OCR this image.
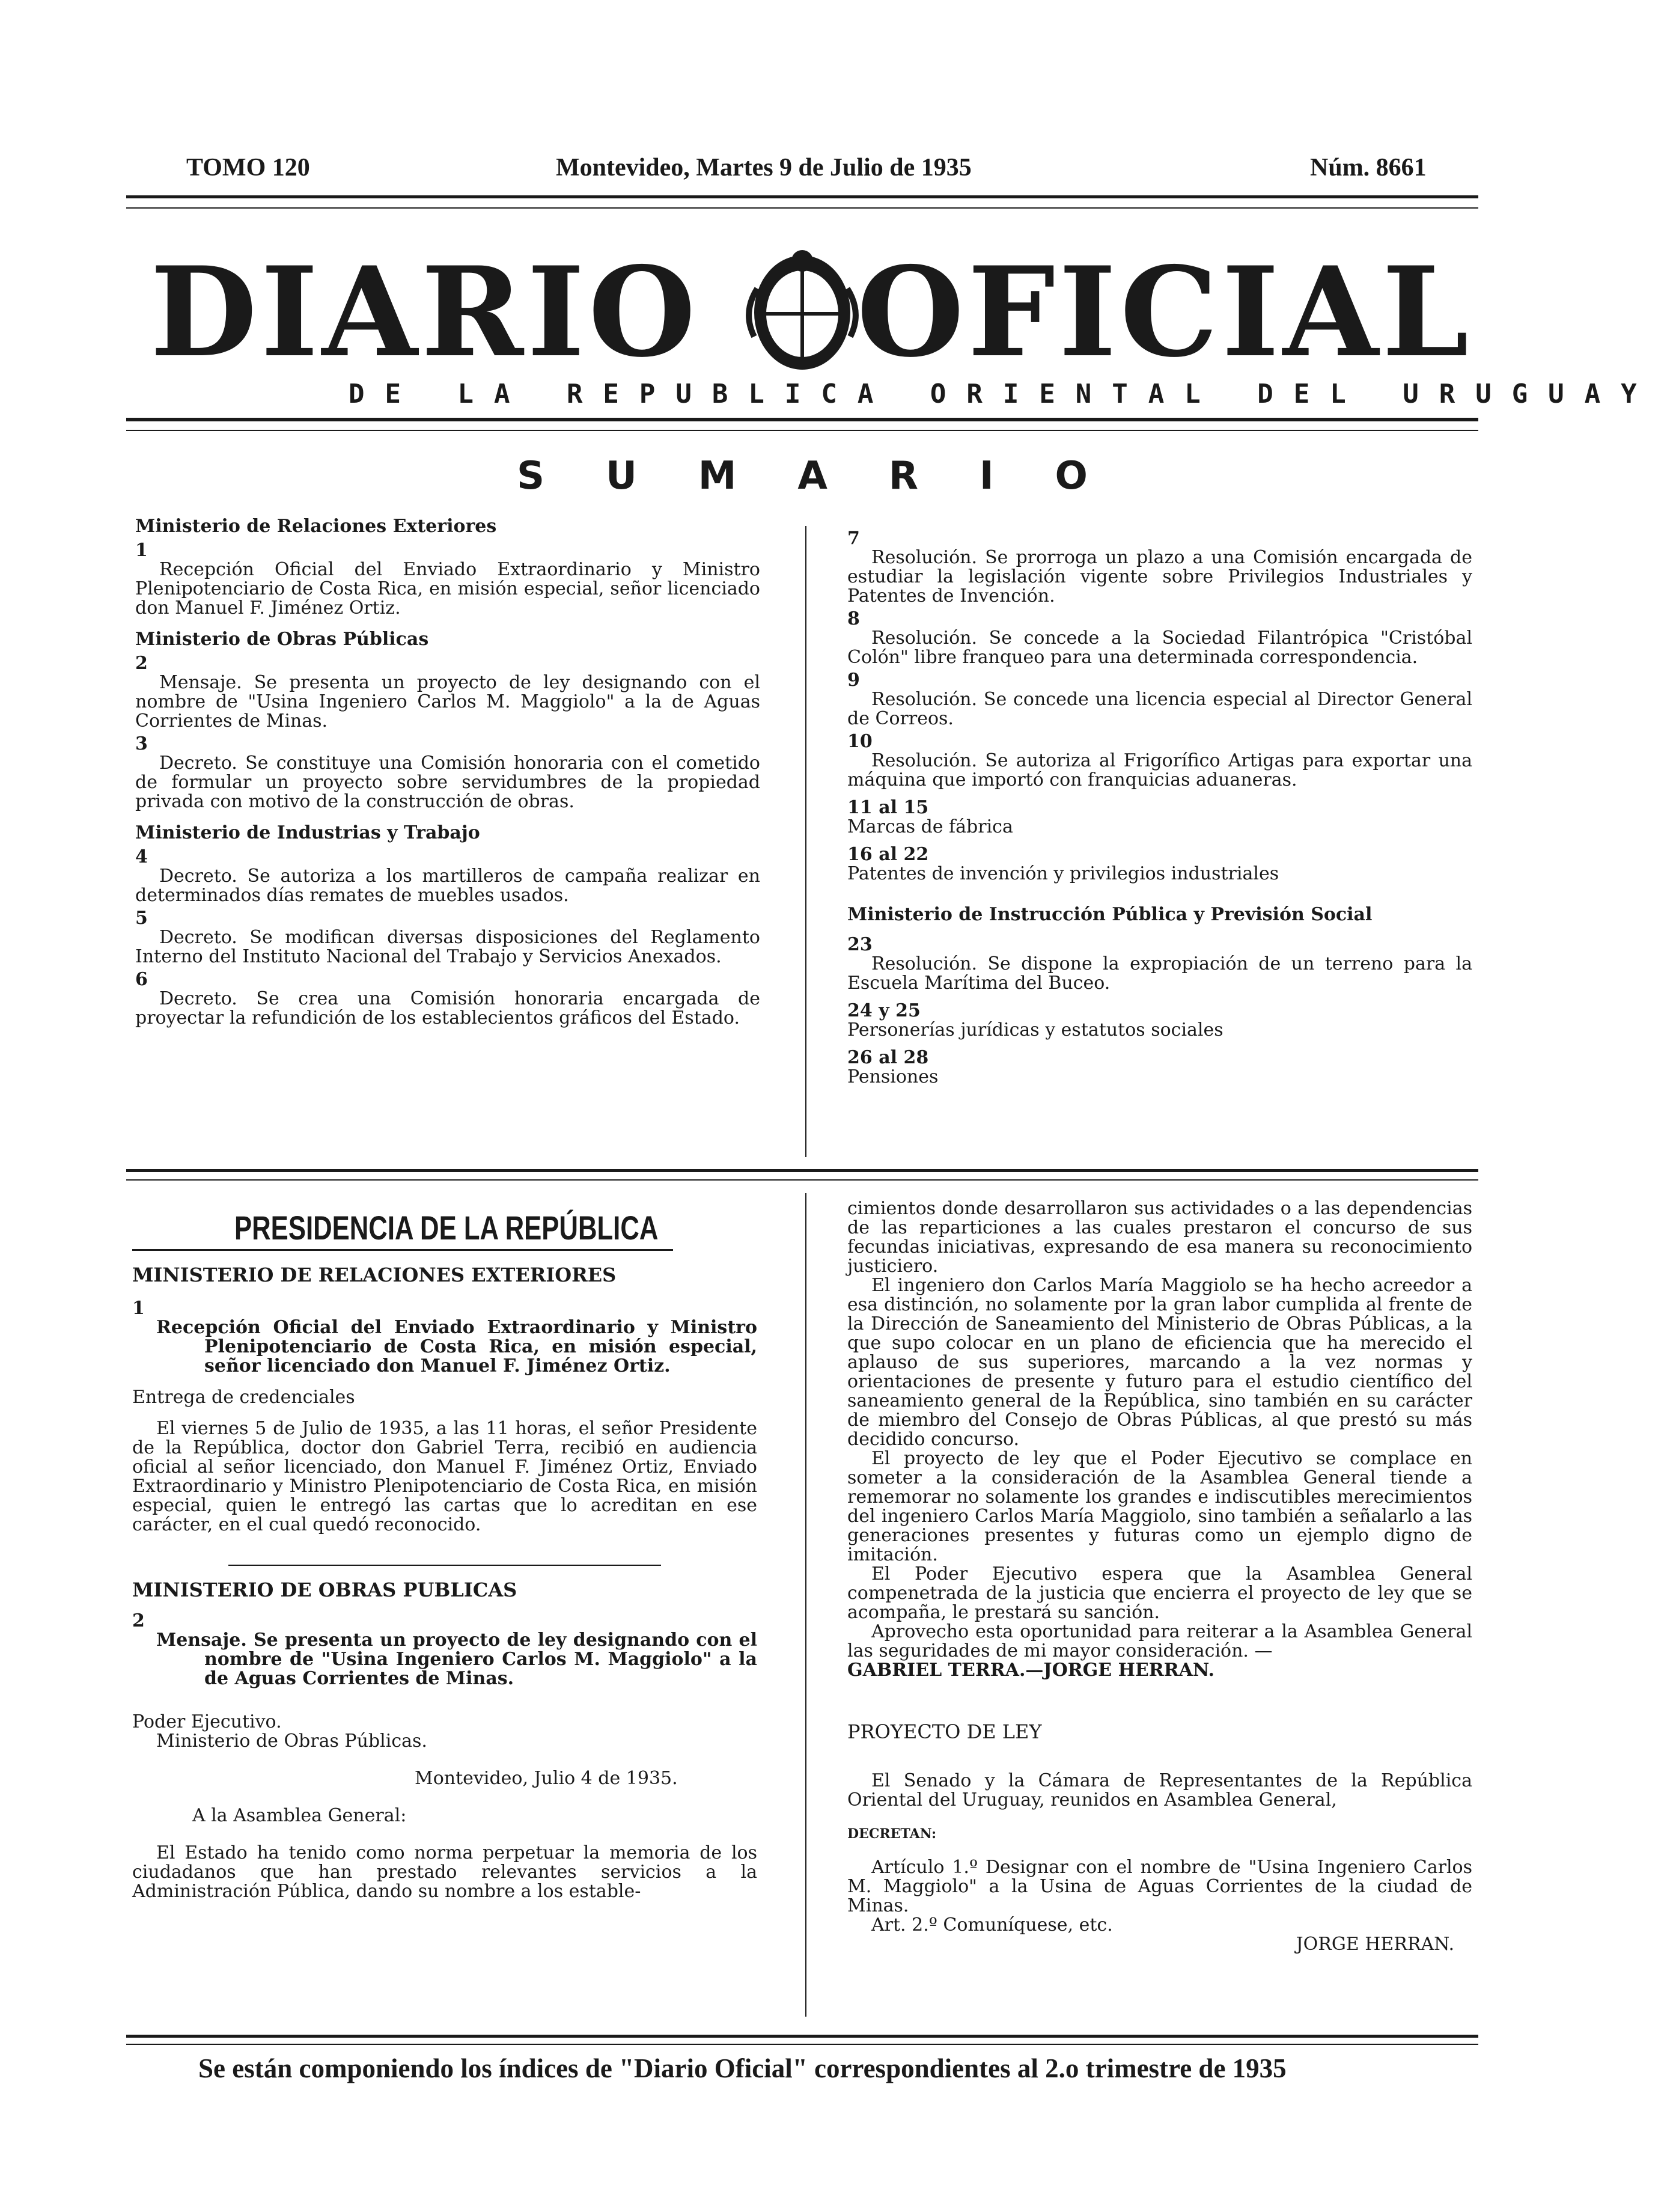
TOMO 120	Montevideo, Martes 9 de Julio de 1935	Núm. 8661
DIARIO OFICIAL
DE LA REPUBLICA ORIENTAL DEL URUGUAY
S U M A R I O

Ministerio de Relaciones Exteriores

1

Recepción Oficial del Enviado Extraordinario y Ministro Plenipotenciario de Costa Rica, en misión especial, señor licenciado don Manuel F. Jiménez Ortiz.

Ministerio de Obras Públicas

2

Mensaje. Se presenta un proyecto de ley designando con el nombre de "Usina Ingeniero Carlos M. Maggiolo" a la de Aguas Corrientes de Minas.

3

Decreto. Se constituye una Comisión honoraria con el cometido de formular un proyecto sobre servidumbres de la propiedad privada con motivo de la construcción de obras.

Ministerio de Industrias y Trabajo

4

Decreto. Se autoriza a los martilleros de campaña realizar en determinados días remates de muebles usados.

5

Decreto. Se modifican diversas disposiciones del Reglamento Interno del Instituto Nacional del Trabajo y Servicios Anexados.

6

Decreto. Se crea una Comisión honoraria encargada de proyectar la refundición de los establecientos gráficos del Estado.

7

Resolución. Se prorroga un plazo a una Comisión encargada de estudiar la legislación vigente sobre Privilegios Industriales y Patentes de Invención.

8

Resolución. Se concede a la Sociedad Filantrópica "Cristóbal Colón" libre franqueo para una determinada correspondencia.

9

Resolución. Se concede una licencia especial al Director General de Correos.

10

Resolución. Se autoriza al Frigorífico Artigas para exportar una máquina que importó con franquicias aduaneras.

11 al 15

Marcas de fábrica

16 al 22

Patentes de invención y privilegios industriales

Ministerio de Instrucción Pública y Previsión Social

23

Resolución. Se dispone la expropiación de un terreno para la Escuela Marítima del Buceo.

24 y 25

Personerías jurídicas y estatutos sociales

26 al 28

Pensiones

PRESIDENCIA DE LA REPÚBLICA

MINISTERIO DE RELACIONES EXTERIORES

1

Recepción Oficial del Enviado Extraordinario y Ministro Plenipotenciario de Costa Rica, en misión especial, señor licenciado don Manuel F. Jiménez Ortiz.

Entrega de credenciales

El viernes 5 de Julio de 1935, a las 11 horas, el señor Presidente de la República, doctor don Gabriel Terra, recibió en audiencia oficial al señor licenciado, don Manuel F. Jiménez Ortiz, Enviado Extraordinario y Ministro Plenipotenciario de Costa Rica, en misión especial, quien le entregó las cartas que lo acreditan en ese carácter, en el cual quedó reconocido.

MINISTERIO DE OBRAS PUBLICAS

2

Mensaje. Se presenta un proyecto de ley designando con el nombre de "Usina Ingeniero Carlos M. Maggiolo" a la de Aguas Corrientes de Minas.

Poder Ejecutivo.

Ministerio de Obras Públicas.

Montevideo, Julio 4 de 1935.

A la Asamblea General:

El Estado ha tenido como norma perpetuar la memoria de los ciudadanos que han prestado relevantes servicios a la Administración Pública, dando su nombre a los estable-

cimientos donde desarrollaron sus actividades o a las dependencias de las reparticiones a las cuales prestaron el concurso de sus fecundas iniciativas, expresando de esa manera su reconocimiento justiciero.

El ingeniero don Carlos María Maggiolo se ha hecho acreedor a esa distinción, no solamente por la gran labor cumplida al frente de la Dirección de Saneamiento del Ministerio de Obras Públicas, a la que supo colocar en un plano de eficiencia que ha merecido el aplauso de sus superiores, marcando a la vez normas y orientaciones de presente y futuro para el estudio científico del saneamiento general de la República, sino también en su carácter de miembro del Consejo de Obras Públicas, al que prestó su más decidido concurso.

El proyecto de ley que el Poder Ejecutivo se complace en someter a la consideración de la Asamblea General tiende a rememorar no solamente los grandes e indiscutibles merecimientos del ingeniero Carlos María Maggiolo, sino también a señalarlo a las generaciones presentes y futuras como un ejemplo digno de imitación.

El Poder Ejecutivo espera que la Asamblea General compenetrada de la justicia que encierra el proyecto de ley que se acompaña, le prestará su sanción.

Aprovecho esta oportunidad para reiterar a la Asamblea General las seguridades de mi mayor consideración. —

GABRIEL TERRA.—JORGE HERRAN.

PROYECTO DE LEY

El Senado y la Cámara de Representantes de la República Oriental del Uruguay, reunidos en Asamblea General,

DECRETAN:

Artículo 1.º Designar con el nombre de "Usina Ingeniero Carlos M. Maggiolo" a la Usina de Aguas Corrientes de la ciudad de Minas.

Art. 2.º Comuníquese, etc.

JORGE HERRAN.

Se están componiendo los índices de "Diario Oficial" correspondientes al 2.o trimestre de 1935
